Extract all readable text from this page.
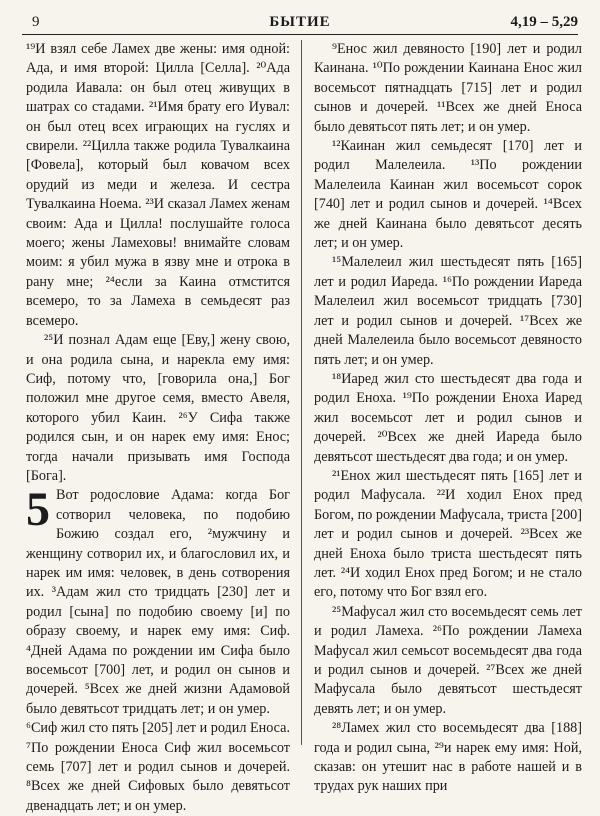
9	БЫТИЕ	4,19 – 5,29

¹⁹И взял себе Ламех две жены: имя одной: Ада, и имя второй: Цилла [Селла]. ²⁰Ада родила Иавала: он был отец живущих в шатрах со стадами. ²¹Имя брату его Иувал: он был отец всех играющих на гуслях и свирели. ²²Цилла также родила Тувалкаина [Фовела], который был ковачом всех орудий из меди и железа. И сестра Тувалкаина Ноема. ²³И сказал Ламех женам своим: Ада и Цилла! послушайте голоса моего; жены Ламеховы! внимайте словам моим: я убил мужа в язву мне и отрока в рану мне; ²⁴если за Каина отмстится всемеро, то за Ламеха в семьдесят раз всемеро.

²⁵И познал Адам еще [Еву,] жену свою, и она родила сына, и нарекла ему имя: Сиф, потому что, [говорила она,] Бог положил мне другое семя, вместо Авеля, которого убил Каин. ²⁶У Сифа также родился сын, и он нарек ему имя: Енос; тогда начали призывать имя Господа [Бога].

5 Вот родословие Адама: когда Бог сотворил человека, по подобию Божию создал его, ²мужчину и женщину сотворил их, и благословил их, и нарек им имя: человек, в день сотворения их. ³Адам жил сто тридцать [230] лет и родил [сына] по подобию своему [и] по образу своему, и нарек ему имя: Сиф. ⁴Дней Адама по рождении им Сифа было восемьсот [700] лет, и родил он сынов и дочерей. ⁵Всех же дней жизни Адамовой было девятьсот тридцать лет; и он умер.

⁶Сиф жил сто пять [205] лет и родил Еноса. ⁷По рождении Еноса Сиф жил восемьсот семь [707] лет и родил сынов и дочерей. ⁸Всех же дней Сифовых было девятьсот двенадцать лет; и он умер.

⁹Енос жил девяносто [190] лет и родил Каинана. ¹⁰По рождении Каинана Енос жил восемьсот пятнадцать [715] лет и родил сынов и дочерей. ¹¹Всех же дней Еноса было девятьсот пять лет; и он умер.

¹²Каинан жил семьдесят [170] лет и родил Малелеила. ¹³По рождении Малелеила Каинан жил восемьсот сорок [740] лет и родил сынов и дочерей. ¹⁴Всех же дней Каинана было девятьсот десять лет; и он умер.

¹⁵Малелеил жил шестьдесят пять [165] лет и родил Иареда. ¹⁶По рождении Иареда Малелеил жил восемьсот тридцать [730] лет и родил сынов и дочерей. ¹⁷Всех же дней Малелеила было восемьсот девяносто пять лет; и он умер.

¹⁸Иаред жил сто шестьдесят два года и родил Еноха. ¹⁹По рождении Еноха Иаред жил восемьсот лет и родил сынов и дочерей. ²⁰Всех же дней Иареда было девятьсот шестьдесят два года; и он умер.

²¹Енох жил шестьдесят пять [165] лет и родил Мафусала. ²²И ходил Енох пред Богом, по рождении Мафусала, триста [200] лет и родил сынов и дочерей. ²³Всех же дней Еноха было триста шестьдесят пять лет. ²⁴И ходил Енох пред Богом; и не стало его, потому что Бог взял его.

²⁵Мафусал жил сто восемьдесят семь лет и родил Ламеха. ²⁶По рождении Ламеха Мафусал жил семьсот восемьдесят два года и родил сынов и дочерей. ²⁷Всех же дней Мафусала было девятьсот шестьдесят девять лет; и он умер.

²⁸Ламех жил сто восемьдесят два [188] года и родил сына, ²⁹и нарек ему имя: Ной, сказав: он утешит нас в работе нашей и в трудах рук наших при
